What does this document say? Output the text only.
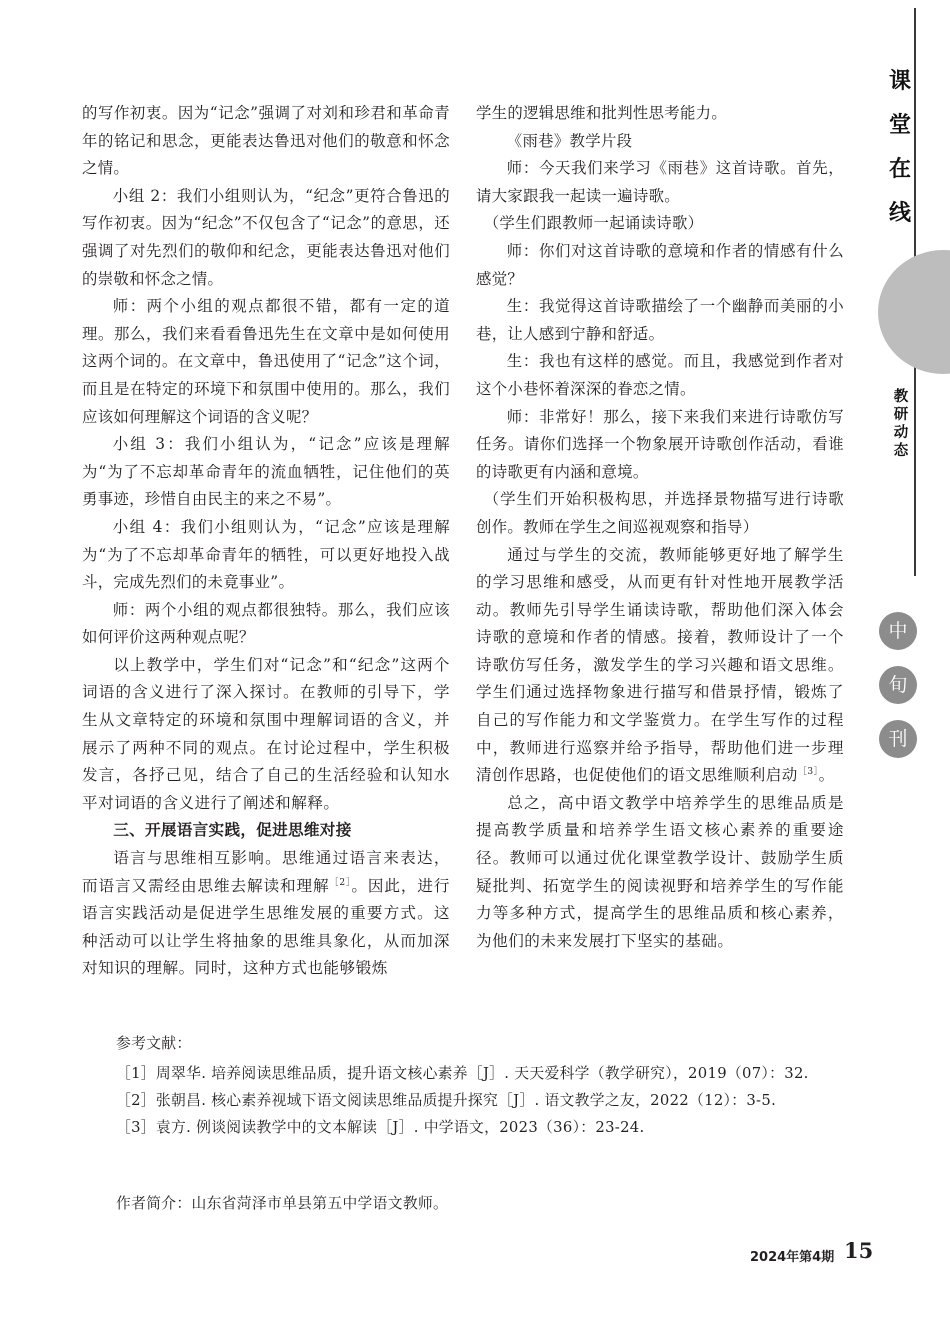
课
堂
在
线
教
研
动
态
中
旬
刊

的写作初衷。因为“记念”强调了对刘和珍君和革命青年的铭记和思念，更能表达鲁迅对他们的敬意和怀念之情。

小组 2：我们小组则认为，“纪念”更符合鲁迅的写作初衷。因为“纪念”不仅包含了“记念”的意思，还强调了对先烈们的敬仰和纪念，更能表达鲁迅对他们的崇敬和怀念之情。

师：两个小组的观点都很不错，都有一定的道理。那么，我们来看看鲁迅先生在文章中是如何使用这两个词的。在文章中，鲁迅使用了“记念”这个词，而且是在特定的环境下和氛围中使用的。那么，我们应该如何理解这个词语的含义呢？

小组 3：我们小组认为，“记念”应该是理解为“为了不忘却革命青年的流血牺牲，记住他们的英勇事迹，珍惜自由民主的来之不易”。

小组 4：我们小组则认为，“记念”应该是理解为“为了不忘却革命青年的牺牲，可以更好地投入战斗，完成先烈们的未竟事业”。

师：两个小组的观点都很独特。那么，我们应该如何评价这两种观点呢？

以上教学中，学生们对“记念”和“纪念”这两个词语的含义进行了深入探讨。在教师的引导下，学生从文章特定的环境和氛围中理解词语的含义，并展示了两种不同的观点。在讨论过程中，学生积极发言，各抒己见，结合了自己的生活经验和认知水平对词语的含义进行了阐述和解释。

三、开展语言实践，促进思维对接

语言与思维相互影响。思维通过语言来表达，而语言又需经由思维去解读和理解$^{[2]}$。因此，进行语言实践活动是促进学生思维发展的重要方式。这种活动可以让学生将抽象的思维具象化，从而加深对知识的理解。同时，这种方式也能够锻炼

学生的逻辑思维和批判性思考能力。

《雨巷》教学片段

师：今天我们来学习《雨巷》这首诗歌。首先，请大家跟我一起读一遍诗歌。

（学生们跟教师一起诵读诗歌）

师：你们对这首诗歌的意境和作者的情感有什么感觉？

生：我觉得这首诗歌描绘了一个幽静而美丽的小巷，让人感到宁静和舒适。

生：我也有这样的感觉。而且，我感觉到作者对这个小巷怀着深深的眷恋之情。

师：非常好！那么，接下来我们来进行诗歌仿写任务。请你们选择一个物象展开诗歌创作活动，看谁的诗歌更有内涵和意境。

（学生们开始积极构思，并选择景物描写进行诗歌创作。教师在学生之间巡视观察和指导）

通过与学生的交流，教师能够更好地了解学生的学习思维和感受，从而更有针对性地开展教学活动。教师先引导学生诵读诗歌，帮助他们深入体会诗歌的意境和作者的情感。接着，教师设计了一个诗歌仿写任务，激发学生的学习兴趣和语文思维。学生们通过选择物象进行描写和借景抒情，锻炼了自己的写作能力和文学鉴赏力。在学生写作的过程中，教师进行巡察并给予指导，帮助他们进一步理清创作思路，也促使他们的语文思维顺利启动$^{[3]}$。

总之，高中语文教学中培养学生的思维品质是提高教学质量和培养学生语文核心素养的重要途径。教师可以通过优化课堂教学设计、鼓励学生质疑批判、拓宽学生的阅读视野和培养学生的写作能力等多种方式，提高学生的思维品质和核心素养，为他们的未来发展打下坚实的基础。

参考文献：

［1］周翠华. 培养阅读思维品质，提升语文核心素养［J］. 天天爱科学（教学研究），2019（07）：32.

［2］张朝昌. 核心素养视域下语文阅读思维品质提升探究［J］. 语文教学之友，2022（12）：3-5.

［3］袁方. 例谈阅读教学中的文本解读［J］. 中学语文，2023（36）：23-24.

作者简介：山东省菏泽市单县第五中学语文教师。
2024年第4期 15
